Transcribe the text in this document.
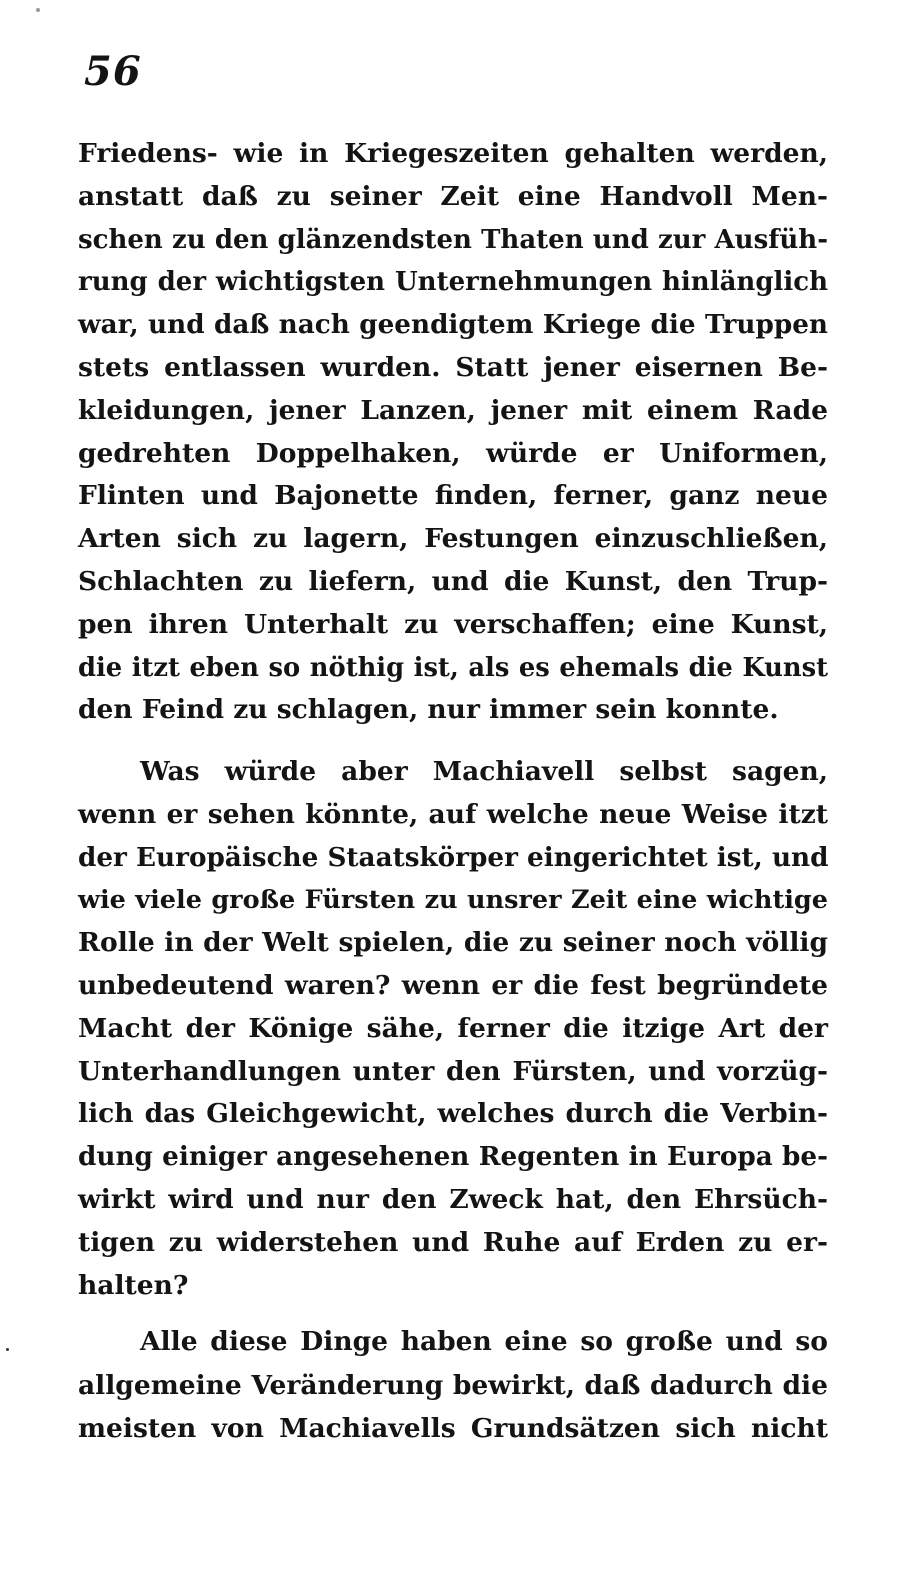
56
Friedens- wie in Kriegeszeiten gehalten werden,
anstatt daß zu seiner Zeit eine Handvoll Men-
schen zu den glänzendsten Thaten und zur Ausfüh-
rung der wichtigsten Unternehmungen hinlänglich
war, und daß nach geendigtem Kriege die Truppen
stets entlassen wurden. Statt jener eisernen Be-
kleidungen, jener Lanzen, jener mit einem Rade
gedrehten Doppelhaken, würde er Uniformen,
Flinten und Bajonette finden, ferner, ganz neue
Arten sich zu lagern, Festungen einzuschließen,
Schlachten zu liefern, und die Kunst, den Trup-
pen ihren Unterhalt zu verschaffen; eine Kunst,
die itzt eben so nöthig ist, als es ehemals die Kunst
den Feind zu schlagen, nur immer sein konnte.
Was würde aber Machiavell selbst sagen,
wenn er sehen könnte, auf welche neue Weise itzt
der Europäische Staatskörper eingerichtet ist, und
wie viele große Fürsten zu unsrer Zeit eine wichtige
Rolle in der Welt spielen, die zu seiner noch völlig
unbedeutend waren? wenn er die fest begründete
Macht der Könige sähe, ferner die itzige Art der
Unterhandlungen unter den Fürsten, und vorzüg-
lich das Gleichgewicht, welches durch die Verbin-
dung einiger angesehenen Regenten in Europa be-
wirkt wird und nur den Zweck hat, den Ehrsüch-
tigen zu widerstehen und Ruhe auf Erden zu er-
halten?
Alle diese Dinge haben eine so große und so
allgemeine Veränderung bewirkt, daß dadurch die
meisten von Machiavells Grundsätzen sich nicht
